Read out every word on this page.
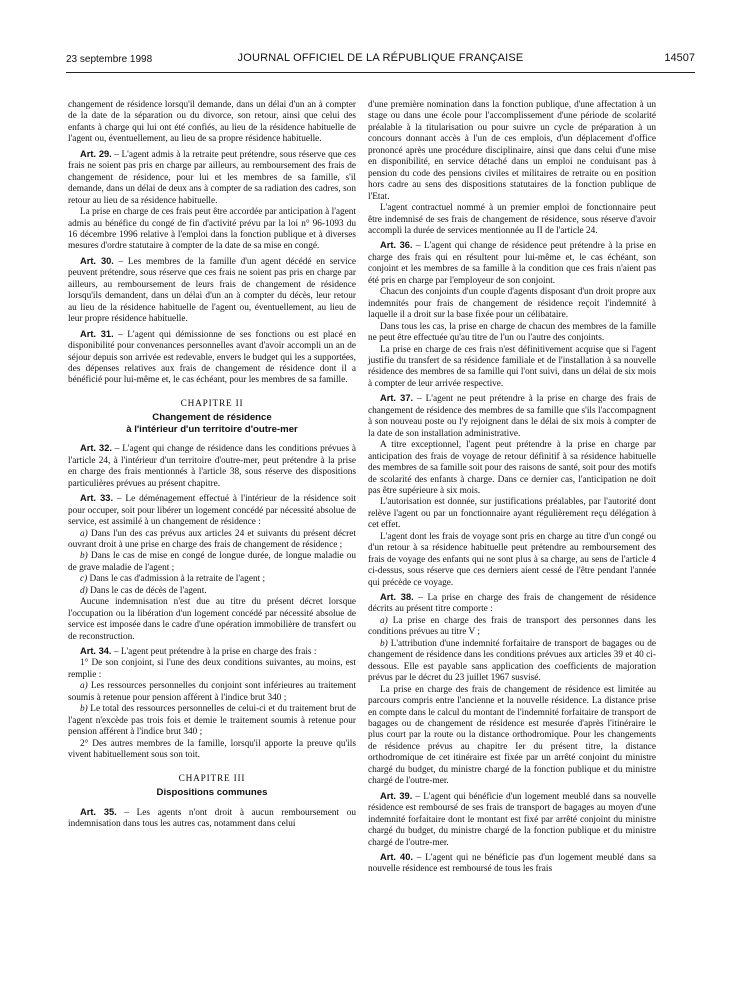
23 septembre 1998	JOURNAL OFFICIEL DE LA RÉPUBLIQUE FRANÇAISE	14507

changement de résidence lorsqu'il demande, dans un délai d'un an à compter de la date de la séparation ou du divorce, son retour, ainsi que celui des enfants à charge qui lui ont été confiés, au lieu de la résidence habituelle de l'agent ou, éventuellement, au lieu de sa propre résidence habituelle.

Art. 29. – L'agent admis à la retraite peut prétendre, sous réserve que ces frais ne soient pas pris en charge par ailleurs, au remboursement des frais de changement de résidence, pour lui et les membres de sa famille, s'il demande, dans un délai de deux ans à compter de sa radiation des cadres, son retour au lieu de sa résidence habituelle.

La prise en charge de ces frais peut être accordée par anticipation à l'agent admis au bénéfice du congé de fin d'activité prévu par la loi n° 96-1093 du 16 décembre 1996 relative à l'emploi dans la fonction publique et à diverses mesures d'ordre statutaire à compter de la date de sa mise en congé.

Art. 30. – Les membres de la famille d'un agent décédé en service peuvent prétendre, sous réserve que ces frais ne soient pas pris en charge par ailleurs, au remboursement de leurs frais de changement de résidence lorsqu'ils demandent, dans un délai d'un an à compter du décès, leur retour au lieu de la résidence habituelle de l'agent ou, éventuellement, au lieu de leur propre résidence habituelle.

Art. 31. – L'agent qui démissionne de ses fonctions ou est placé en disponibilité pour convenances personnelles avant d'avoir accompli un an de séjour depuis son arrivée est redevable, envers le budget qui les a supportées, des dépenses relatives aux frais de changement de résidence dont il a bénéficié pour lui-même et, le cas échéant, pour les membres de sa famille.

CHAPITRE II
Changement de résidence
à l'intérieur d'un territoire d'outre-mer

Art. 32. – L'agent qui change de résidence dans les conditions prévues à l'article 24, à l'intérieur d'un territoire d'outre-mer, peut prétendre à la prise en charge des frais mentionnés à l'article 38, sous réserve des dispositions particulières prévues au présent chapitre.

Art. 33. – Le déménagement effectué à l'intérieur de la résidence soit pour occuper, soit pour libérer un logement concédé par nécessité absolue de service, est assimilé à un changement de résidence :

a) Dans l'un des cas prévus aux articles 24 et suivants du présent décret ouvrant droit à une prise en charge des frais de changement de résidence ;

b) Dans le cas de mise en congé de longue durée, de longue maladie ou de grave maladie de l'agent ;

c) Dans le cas d'admission à la retraite de l'agent ;

d) Dans le cas de décès de l'agent.

Aucune indemnisation n'est due au titre du présent décret lorsque l'occupation ou la libération d'un logement concédé par nécessité absolue de service est imposée dans le cadre d'une opération immobilière de transfert ou de reconstruction.

Art. 34. – L'agent peut prétendre à la prise en charge des frais :

1° De son conjoint, si l'une des deux conditions suivantes, au moins, est remplie :

a) Les ressources personnelles du conjoint sont inférieures au traitement soumis à retenue pour pension afférent à l'indice brut 340 ;

b) Le total des ressources personnelles de celui-ci et du traitement brut de l'agent n'excède pas trois fois et demie le traitement soumis à retenue pour pension afférent à l'indice brut 340 ;

2° Des autres membres de la famille, lorsqu'il apporte la preuve qu'ils vivent habituellement sous son toit.

CHAPITRE III
Dispositions communes

Art. 35. – Les agents n'ont droit à aucun remboursement ou indemnisation dans tous les autres cas, notamment dans celui

d'une première nomination dans la fonction publique, d'une affectation à un stage ou dans une école pour l'accomplissement d'une période de scolarité préalable à la titularisation ou pour suivre un cycle de préparation à un concours donnant accès à l'un de ces emplois, d'un déplacement d'office prononcé après une procédure disciplinaire, ainsi que dans celui d'une mise en disponibilité, en service détaché dans un emploi ne conduisant pas à pension du code des pensions civiles et militaires de retraite ou en position hors cadre au sens des dispositions statutaires de la fonction publique de l'Etat.

L'agent contractuel nommé à un premier emploi de fonctionnaire peut être indemnisé de ses frais de changement de résidence, sous réserve d'avoir accompli la durée de services mentionnée au II de l'article 24.

Art. 36. – L'agent qui change de résidence peut prétendre à la prise en charge des frais qui en résultent pour lui-même et, le cas échéant, son conjoint et les membres de sa famille à la condition que ces frais n'aient pas été pris en charge par l'employeur de son conjoint.

Chacun des conjoints d'un couple d'agents disposant d'un droit propre aux indemnités pour frais de changement de résidence reçoit l'indemnité à laquelle il a droit sur la base fixée pour un célibataire.

Dans tous les cas, la prise en charge de chacun des membres de la famille ne peut être effectuée qu'au titre de l'un ou l'autre des conjoints.

La prise en charge de ces frais n'est définitivement acquise que si l'agent justifie du transfert de sa résidence familiale et de l'installation à sa nouvelle résidence des membres de sa famille qui l'ont suivi, dans un délai de six mois à compter de leur arrivée respective.

Art. 37. – L'agent ne peut prétendre à la prise en charge des frais de changement de résidence des membres de sa famille que s'ils l'accompagnent à son nouveau poste ou l'y rejoignent dans le délai de six mois à compter de la date de son installation administrative.

A titre exceptionnel, l'agent peut prétendre à la prise en charge par anticipation des frais de voyage de retour définitif à sa résidence habituelle des membres de sa famille soit pour des raisons de santé, soit pour des motifs de scolarité des enfants à charge. Dans ce dernier cas, l'anticipation ne doit pas être supérieure à six mois.

L'autorisation est donnée, sur justifications préalables, par l'autorité dont relève l'agent ou par un fonctionnaire ayant régulièrement reçu délégation à cet effet.

L'agent dont les frais de voyage sont pris en charge au titre d'un congé ou d'un retour à sa résidence habituelle peut prétendre au remboursement des frais de voyage des enfants qui ne sont plus à sa charge, au sens de l'article 4 ci-dessus, sous réserve que ces derniers aient cessé de l'être pendant l'année qui précède ce voyage.

Art. 38. – La prise en charge des frais de changement de résidence décrits au présent titre comporte :

a) La prise en charge des frais de transport des personnes dans les conditions prévues au titre V ;

b) L'attribution d'une indemnité forfaitaire de transport de bagages ou de changement de résidence dans les conditions prévues aux articles 39 et 40 ci-dessous. Elle est payable sans application des coefficients de majoration prévus par le décret du 23 juillet 1967 susvisé.

La prise en charge des frais de changement de résidence est limitée au parcours compris entre l'ancienne et la nouvelle résidence. La distance prise en compte dans le calcul du montant de l'indemnité forfaitaire de transport de bagages ou de changement de résidence est mesurée d'après l'itinéraire le plus court par la route ou la distance orthodromique. Pour les changements de résidence prévus au chapitre Ier du présent titre, la distance orthodromique de cet itinéraire est fixée par un arrêté conjoint du ministre chargé du budget, du ministre chargé de la fonction publique et du ministre chargé de l'outre-mer.

Art. 39. – L'agent qui bénéficie d'un logement meublé dans sa nouvelle résidence est remboursé de ses frais de transport de bagages au moyen d'une indemnité forfaitaire dont le montant est fixé par arrêté conjoint du ministre chargé du budget, du ministre chargé de la fonction publique et du ministre chargé de l'outre-mer.

Art. 40. – L'agent qui ne bénéficie pas d'un logement meublé dans sa nouvelle résidence est remboursé de tous les frais
